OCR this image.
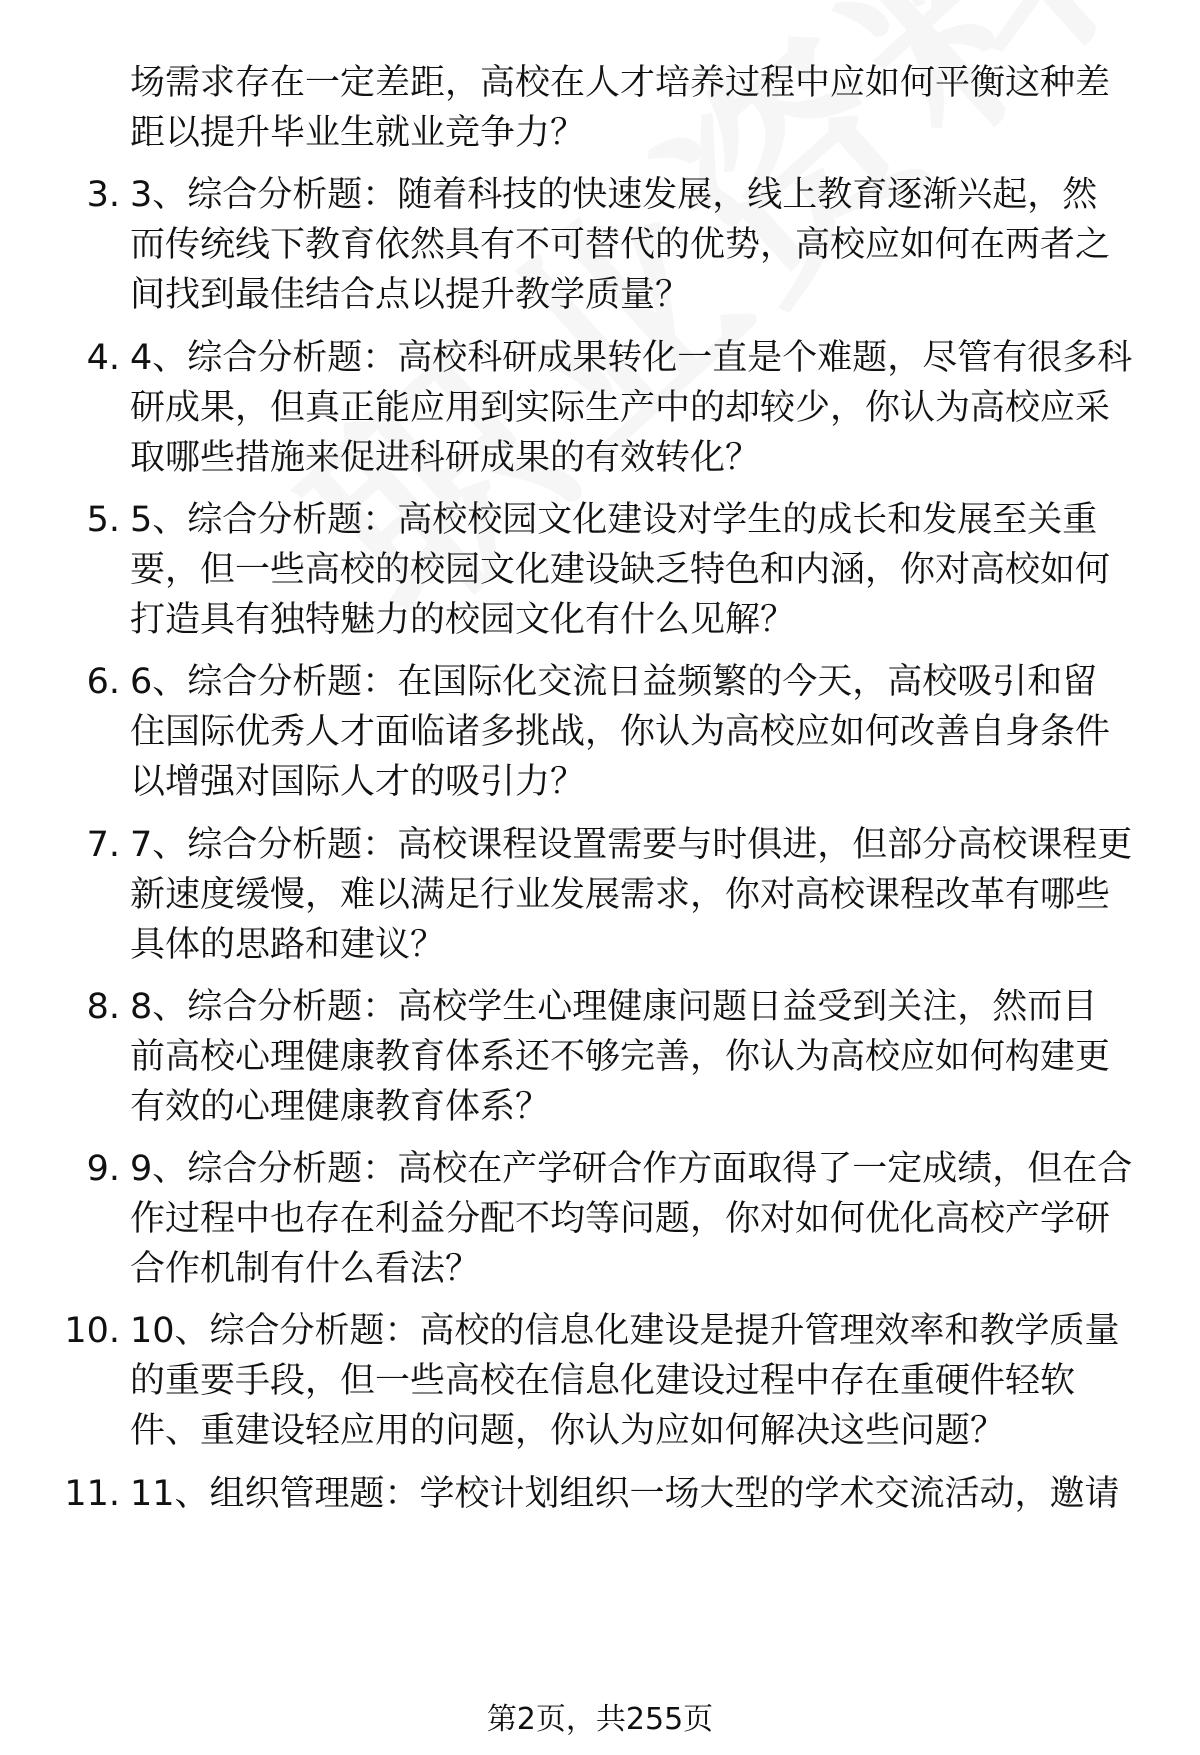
场需求存在一定差距，高校在人才培养过程中应如何平衡这种差距以提升毕业生就业竞争力？
3. 3、综合分析题：随着科技的快速发展，线上教育逐渐兴起，然而传统线下教育依然具有不可替代的优势，高校应如何在两者之间找到最佳结合点以提升教学质量？
4. 4、综合分析题：高校科研成果转化一直是个难题，尽管有很多科研成果，但真正能应用到实际生产中的却较少，你认为高校应采取哪些措施来促进科研成果的有效转化？
5. 5、综合分析题：高校校园文化建设对学生的成长和发展至关重要，但一些高校的校园文化建设缺乏特色和内涵，你对高校如何打造具有独特魅力的校园文化有什么见解？
6. 6、综合分析题：在国际化交流日益频繁的今天，高校吸引和留住国际优秀人才面临诸多挑战，你认为高校应如何改善自身条件以增强对国际人才的吸引力？
7. 7、综合分析题：高校课程设置需要与时俱进，但部分高校课程更新速度缓慢，难以满足行业发展需求，你对高校课程改革有哪些具体的思路和建议？
8. 8、综合分析题：高校学生心理健康问题日益受到关注，然而目前高校心理健康教育体系还不够完善，你认为高校应如何构建更有效的心理健康教育体系？
9. 9、综合分析题：高校在产学研合作方面取得了一定成绩，但在合作过程中也存在利益分配不均等问题，你对如何优化高校产学研合作机制有什么看法？
10. 10、综合分析题：高校的信息化建设是提升管理效率和教学质量的重要手段，但一些高校在信息化建设过程中存在重硬件轻软件、重建设轻应用的问题，你认为应如何解决这些问题？
11. 11、组织管理题：学校计划组织一场大型的学术交流活动，邀请
第2页，共255页
